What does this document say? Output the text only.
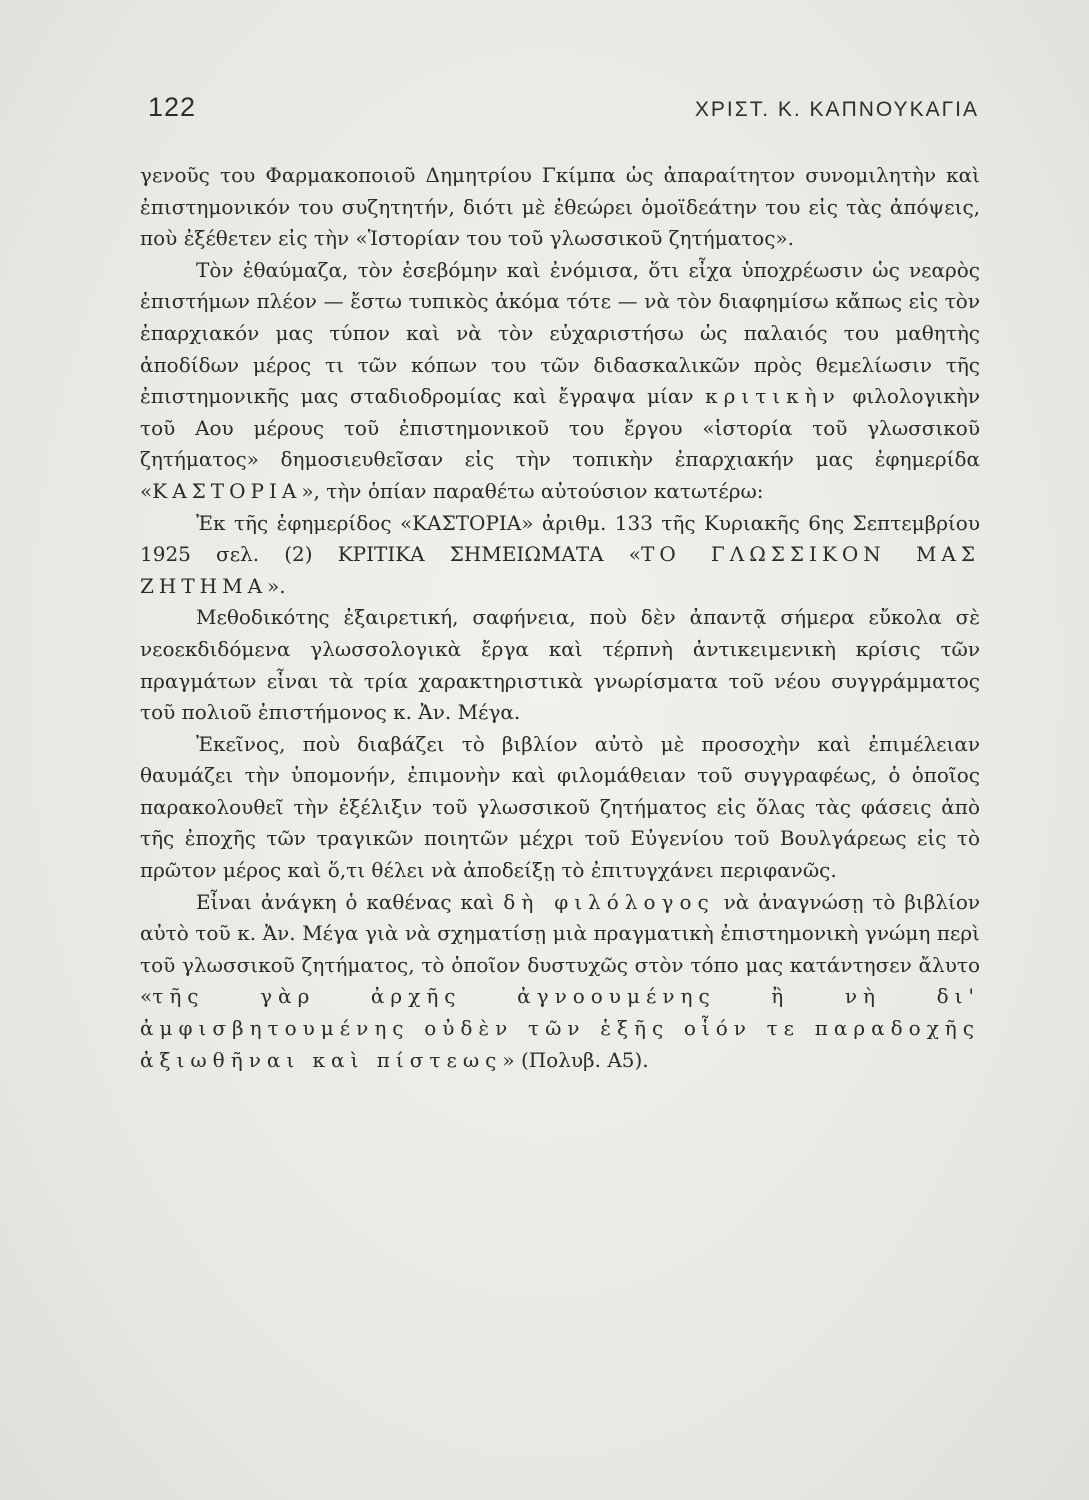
122	ΧΡΙΣΤ. Κ. ΚΑΠΝΟΥΚΑΓΙΑ

γενοῦς του Φαρμακοποιοῦ Δημητρίου Γκίμπα ὡς ἀπαραίτητον συνομιλητὴν καὶ ἐπιστημονικόν του συζητητήν, διότι μὲ ἐθεώρει ὁμοϊδεάτην του εἰς τὰς ἀπόψεις, ποὺ ἐξέθετεν εἰς τὴν «Ἱστορίαν του τοῦ γλωσσικοῦ ζητήματος».

Τὸν ἐθαύμαζα, τὸν ἐσεβόμην καὶ ἐνόμισα, ὅτι εἶχα ὑποχρέωσιν ὡς νεαρὸς ἐπιστήμων πλέον — ἔστω τυπικὸς ἀκόμα τότε — νὰ τὸν διαφημίσω κἄπως εἰς τὸν ἐπαρχιακόν μας τύπον καὶ νὰ τὸν εὐχαριστήσω ὡς παλαιός του μαθητὴς ἀποδίδων μέρος τι τῶν κόπων του τῶν διδασκαλικῶν πρὸς θεμελίωσιν τῆς ἐπιστημονικῆς μας σταδιοδρομίας καὶ ἔγραψα μίαν κριτικὴν φιλολογικὴν τοῦ Αου μέρους τοῦ ἐπιστημονικοῦ του ἔργου «ἱστορία τοῦ γλωσσικοῦ ζητήματος» δημοσιευθεῖσαν εἰς τὴν τοπικὴν ἐπαρχιακήν μας ἐφημερίδα «ΚΑΣΤΟΡΙΑ», τὴν ὁπίαν παραθέτω αὐτούσιον κατωτέρω:

Ἐκ τῆς ἐφημερίδος «ΚΑΣΤΟΡΙΑ» ἀριθμ. 133 τῆς Κυριακῆς 6ης Σεπτεμβρίου 1925 σελ. (2) ΚΡΙΤΙΚΑ ΣΗΜΕΙΩΜΑΤΑ «ΤΟ ΓΛΩΣΣΙΚΟΝ ΜΑΣ ΖΗΤΗΜΑ».

Μεθοδικότης ἐξαιρετική, σαφήνεια, ποὺ δὲν ἀπαντᾷ σήμερα εὔκολα σὲ νεοεκδιδόμενα γλωσσολογικὰ ἔργα καὶ τέρπνὴ ἀντικειμενικὴ κρίσις τῶν πραγμάτων εἶναι τὰ τρία χαρακτηριστικὰ γνωρίσματα τοῦ νέου συγγράμματος τοῦ πολιοῦ ἐπιστήμονος κ. Ἀν. Μέγα.

Ἐκεῖνος, ποὺ διαβάζει τὸ βιβλίον αὐτὸ μὲ προσοχὴν καὶ ἐπιμέλειαν θαυμάζει τὴν ὑπομονήν, ἐπιμονὴν καὶ φιλομάθειαν τοῦ συγγραφέως, ὁ ὁποῖος παρακολουθεῖ τὴν ἐξέλιξιν τοῦ γλωσσικοῦ ζητήματος εἰς ὅλας τὰς φάσεις ἀπὸ τῆς ἐποχῆς τῶν τραγικῶν ποιητῶν μέχρι τοῦ Εὐγενίου τοῦ Βουλγάρεως εἰς τὸ πρῶτον μέρος καὶ ὅ,τι θέλει νὰ ἀποδείξῃ τὸ ἐπιτυγχάνει περιφανῶς.

Εἶναι ἀνάγκη ὁ καθένας καὶ δὴ φιλόλογος νὰ ἀναγνώσῃ τὸ βιβλίον αὐτὸ τοῦ κ. Ἀν. Μέγα γιὰ νὰ σχηματίσῃ μιὰ πραγματικὴ ἐπιστημονικὴ γνώμη περὶ τοῦ γλωσσικοῦ ζητήματος, τὸ ὁποῖον δυστυχῶς στὸν τόπο μας κατάντησεν ἄλυτο «τῆς γὰρ ἀρχῆς ἀγνοουμένης ἢ νὴ δι' ἀμφισβητουμένης οὐδὲν τῶν ἑξῆς οἷόν τε παραδοχῆς ἀξιωθῆναι καὶ πίστεως» (Πολυβ. Α5).
